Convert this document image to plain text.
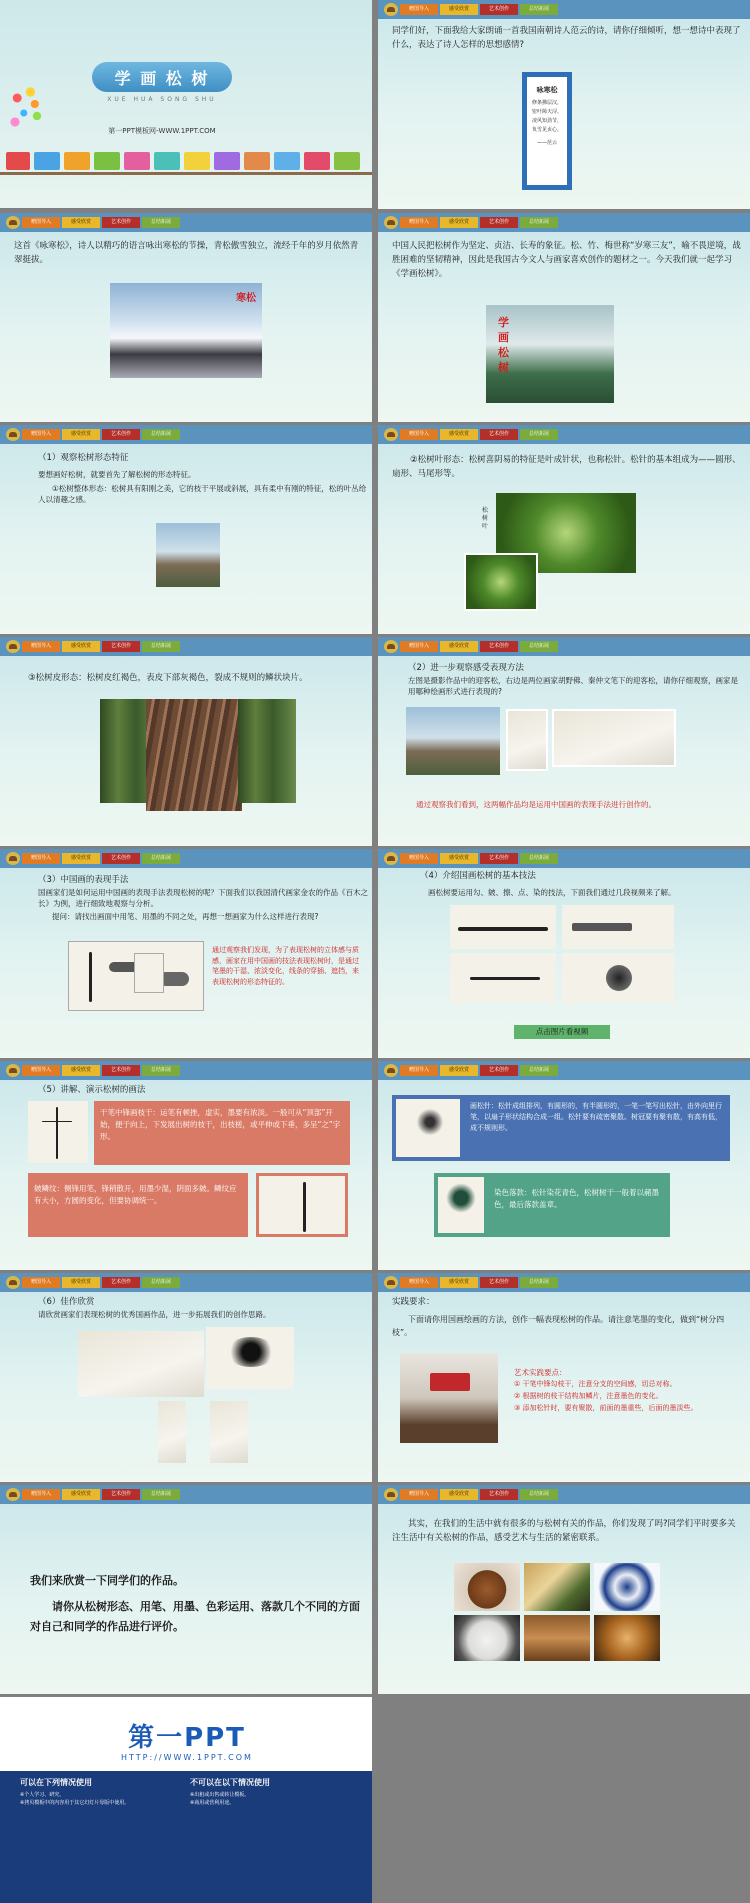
学 画 松 树
XUE HUA SONG SHU
第一PPT模板网-WWW.1PPT.COM
赠图导入	感受欣赏	艺术创作	总结拓展
同学们好，下面我给大家朗诵一首我国南朝诗人范云的诗，请你仔细倾听，想一想诗中表现了什么，表达了诗人怎样的思想感情?
咏寒松
修条拂层汉，
密叶障天浔。
凌风知劲节，
负雪见贞心。
——范云
赠图导入	感受欣赏	艺术创作	总结拓展
这首《咏寒松》，诗人以精巧的语言咏出寒松的节操，青松傲雪独立，流经千年的岁月依然青翠挺拔。
寒松
赠图导入	感受欣赏	艺术创作	总结拓展
中国人民把松树作为坚定、贞洁、长寿的象征。松、竹、梅世称“岁寒三友”，喻不畏逆境，战胜困难的坚韧精神，因此是我国古今文人与画家喜欢创作的题材之一。今天我们就一起学习《学画松树》。
学画松树
赠图导入	感受欣赏	艺术创作	总结拓展
（1）观察松树形态特征
要想画好松树，就要首先了解松树的形态特征。
①松树整体形态：松树具有阳刚之美，它的枝干平展或斜展，具有柔中有刚的特征，松的叶丛给人以清趣之感。
赠图导入	感受欣赏	艺术创作	总结拓展
②松树叶形态：松树喜阴易的特征是叶成针状，也称松针。松针的基本组成为——圆形、扇形、马尾形等。
松树叶
赠图导入	感受欣赏	艺术创作	总结拓展
③松树皮形态：松树皮红褐色，表皮下部灰褐色，裂成不规则的鳞状块片。
赠图导入	感受欣赏	艺术创作	总结拓展
（2）进一步观察感受表现方法
左图是摄影作品中的迎客松，右边是两位画家胡野佛、秦仲文笔下的迎客松，请你仔细观察，画家是用哪种绘画形式进行表现的?
通过观察我们看到，这两幅作品均是运用中国画的表现手法进行创作的。
赠图导入	感受欣赏	艺术创作	总结拓展
（3）中国画的表现手法
国画家们是如何运用中国画的表现手法表现松树的呢？下面我们以我国清代画家金农的作品《百木之长》为例，进行细致地观察与分析。
提问：请找出画面中用笔、用墨的不同之处，再想一想画家为什么这样进行表现?
通过观察我们发现，为了表现松树的立体感与质感，画家在用中国画的技法表现松树时，是通过笔墨的干湿、浓淡变化，线条的穿插、遮挡，来表现松树的形态特征的。
赠图导入	感受欣赏	艺术创作	总结拓展
（4）介绍国画松树的基本技法
画松树要运用勾、皴、擦、点、染的技法，下面我们通过几段视频来了解。
点击图片看视频
赠图导入	感受欣赏	艺术创作	总结拓展
（5）讲解、演示松树的画法
干笔中锋画枝干：运笔有顿挫，虚实，墨要有浓淡。一般可从“顶部”开始，便于向上，下发展出树的枝干，出枝槎，或平伸或下垂，多呈“之”字形。
皴鳞纹：侧锋用笔，锋稍散开，用墨少湿，阴面多皴。鳞纹应有大小，方圆的变化，但要协调统一。
赠图导入	感受欣赏	艺术创作	总结拓展
画松针：松针成组排列，有圆形的，有半圆形的，一笔一笔写出松针，由外向里行笔，以扇子形状结构合成一组。松针要有疏密聚散。树冠要有聚有散，有高有低，成不规则形。
染色落款：松针染花青色，松树树干一般着以赭墨色，最后落款盖章。
赠图导入	感受欣赏	艺术创作	总结拓展
（6）佳作欣赏
请欣赏画家们表现松树的优秀国画作品，进一步拓展我们的创作思路。
赠图导入	感受欣赏	艺术创作	总结拓展
实践要求：
下面请你用国画绘画的方法，创作一幅表现松树的作品。请注意笔墨的变化，做到“树分四枝”。
艺术实践要点：
① 干笔中锋勾枝干，注意分支的空间感，切忌对称。
② 根据树的枝干结构加鳞片，注意墨色的变化。
③ 添加松针时，要有聚散，前面的墨重些，后面的墨淡些。
赠图导入	感受欣赏	艺术创作	总结拓展
我们来欣赏一下同学们的作品。
请你从松树形态、用笔、用墨、色彩运用、落款几个不同的方面对自己和同学的作品进行评价。
赠图导入	感受欣赏	艺术创作	总结拓展
其实，在我们的生活中就有很多的与松树有关的作品，你们发现了吗?同学们平时要多关注生活中有关松树的作品，感受艺术与生活的紧密联系。
第一PPT
HTTP://WWW.1PPT.COM
可以在下列情况使用
※个人学习、研究。
※拷贝模板中的内容用于其它幻灯片母版中使用。
不可以在以下情况使用
※出租或出售或转让模板。
※商用或营利用途。
